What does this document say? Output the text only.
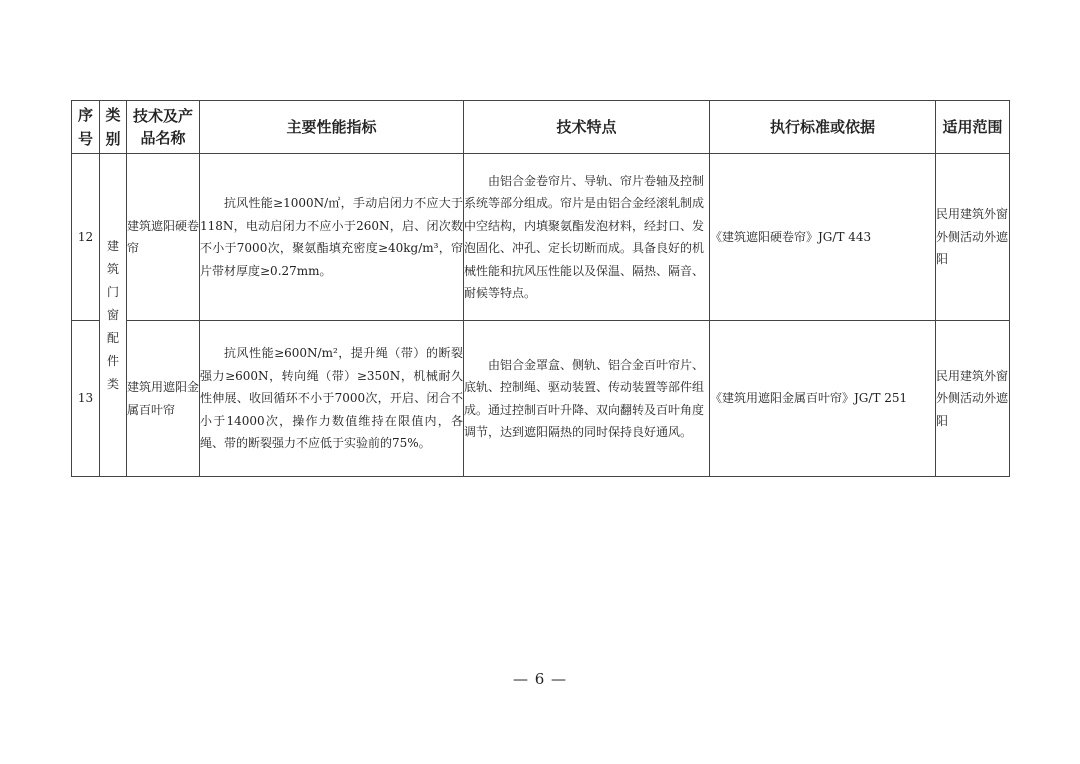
序号	类别	技术及产品名称	主要性能指标	技术特点	执行标准或依据	适用范围
12	建筑门窗配件类	建筑遮阳硬卷帘	抗风性能≥1000N/㎡，手动启闭力不应大于118N，电动启闭力不应小于260N，启、闭次数不小于7000次，聚氨酯填充密度≥40kg/m³，帘片带材厚度≥0.27mm。	由铝合金卷帘片、导轨、帘片卷轴及控制系统等部分组成。帘片是由铝合金经滚轧制成中空结构，内填聚氨酯发泡材料，经封口、发泡固化、冲孔、定长切断而成。具备良好的机械性能和抗风压性能以及保温、隔热、隔音、耐候等特点。	《建筑遮阳硬卷帘》JG/T 443	民用建筑外窗外侧活动外遮阳
13		建筑用遮阳金属百叶帘	抗风性能≥600N/m²，提升绳（带）的断裂强力≥600N，转向绳（带）≥350N，机械耐久性伸展、收回循环不小于7000次，开启、闭合不小于14000次，操作力数值维持在限值内，各绳、带的断裂强力不应低于实验前的75%。	由铝合金罩盒、侧轨、铝合金百叶帘片、底轨、控制绳、驱动装置、传动装置等部件组成。通过控制百叶升降、双向翻转及百叶角度调节，达到遮阳隔热的同时保持良好通风。	《建筑用遮阳金属百叶帘》JG/T 251	民用建筑外窗外侧活动外遮阳
— 6 —
